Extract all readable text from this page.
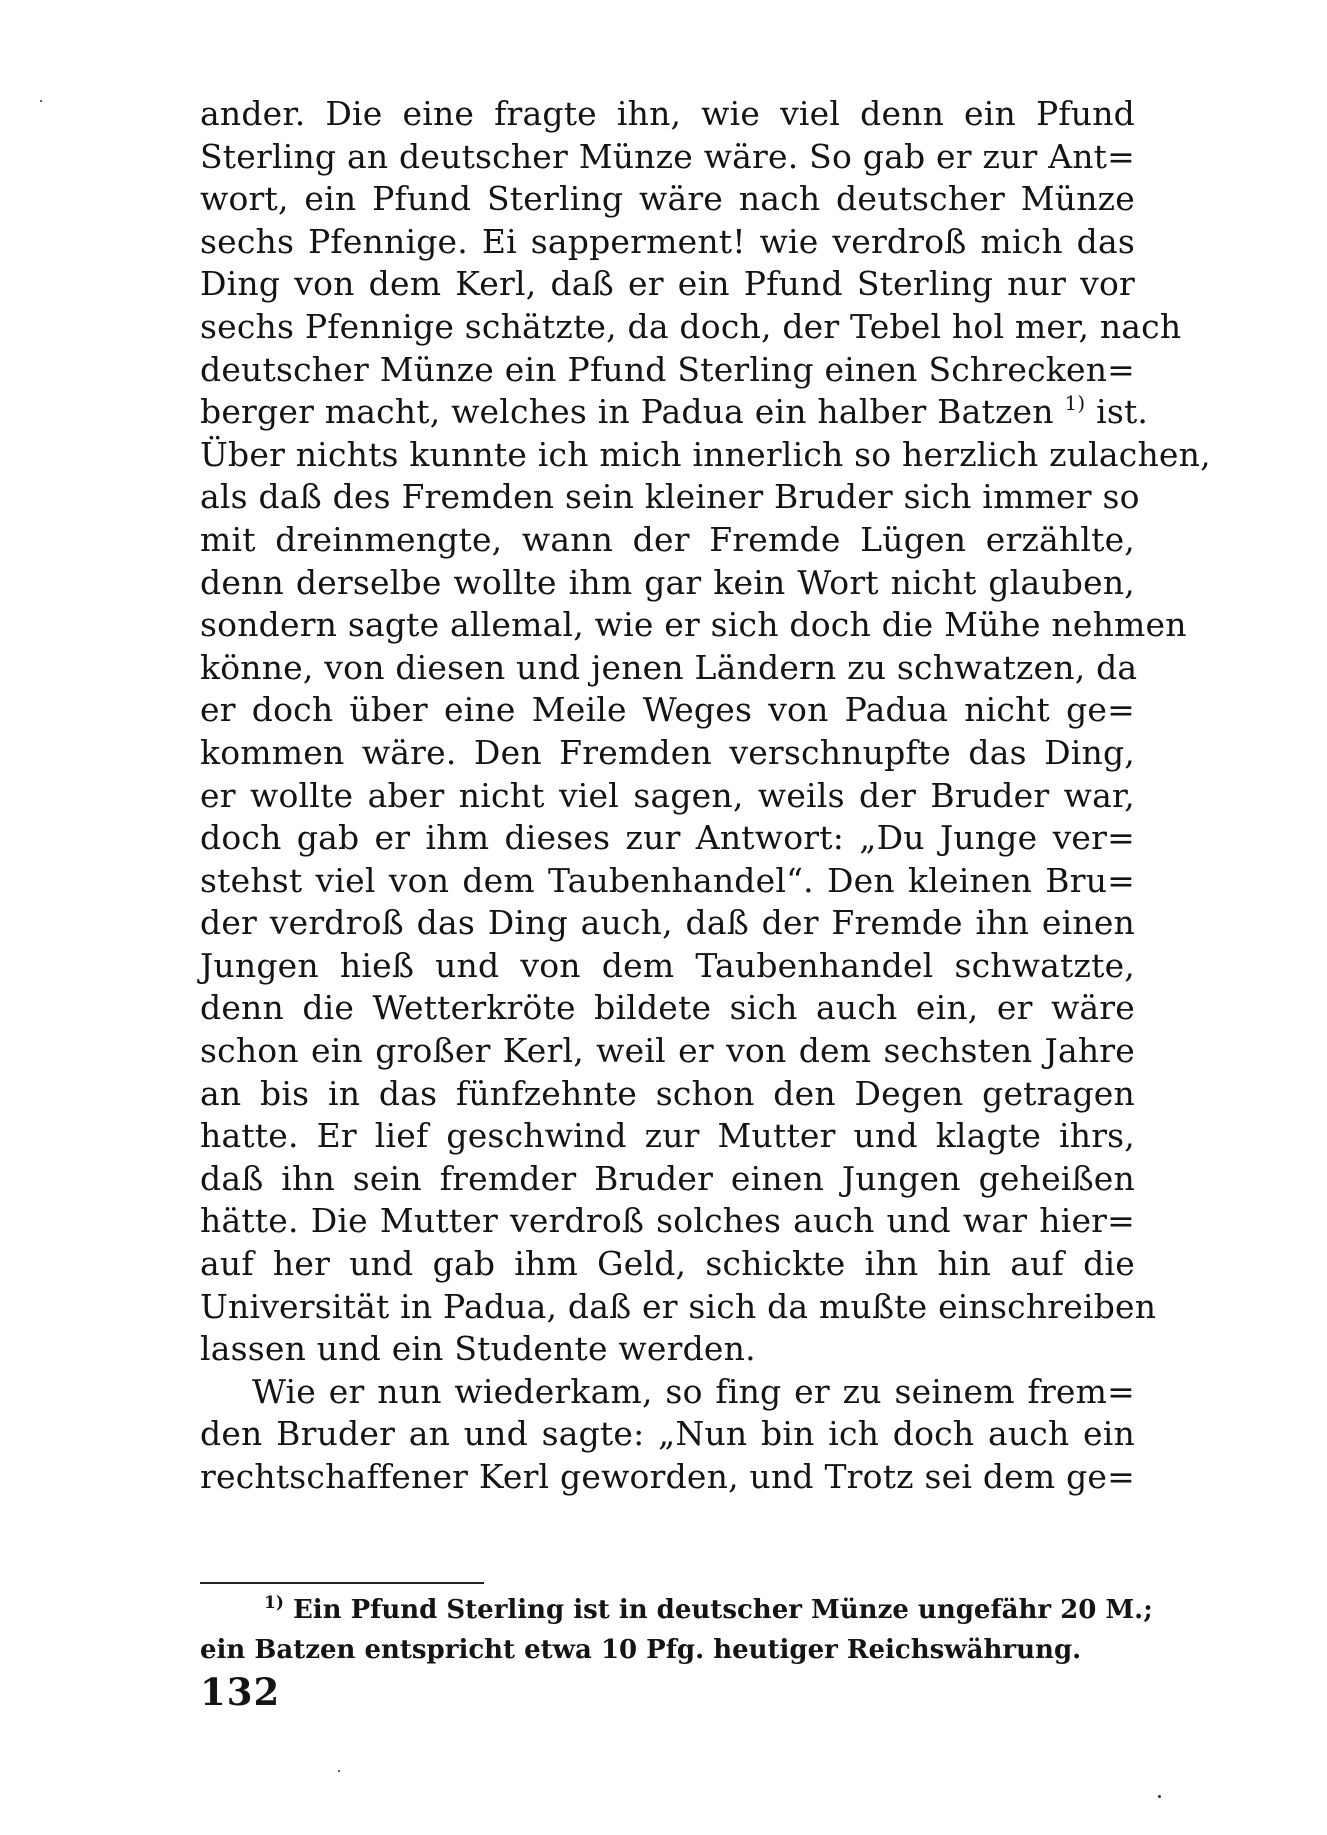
ander. Die eine fragte ihn, wie viel denn ein Pfund
Sterling an deutscher Münze wäre. So gab er zur Ant=
wort, ein Pfund Sterling wäre nach deutscher Münze
sechs Pfennige. Ei sapperment! wie verdroß mich das
Ding von dem Kerl, daß er ein Pfund Sterling nur vor
sechs Pfennige schätzte, da doch, der Tebel hol mer, nach
deutscher Münze ein Pfund Sterling einen Schrecken=
berger macht, welches in Padua ein halber Batzen $^{1)}$ ist.
Über nichts kunnte ich mich innerlich so herzlich zulachen,
als daß des Fremden sein kleiner Bruder sich immer so
mit dreinmengte, wann der Fremde Lügen erzählte,
denn derselbe wollte ihm gar kein Wort nicht glauben,
sondern sagte allemal, wie er sich doch die Mühe nehmen
könne, von diesen und jenen Ländern zu schwatzen, da
er doch über eine Meile Weges von Padua nicht ge=
kommen wäre. Den Fremden verschnupfte das Ding,
er wollte aber nicht viel sagen, weils der Bruder war,
doch gab er ihm dieses zur Antwort: „Du Junge ver=
stehst viel von dem Taubenhandel“. Den kleinen Bru=
der verdroß das Ding auch, daß der Fremde ihn einen
Jungen hieß und von dem Taubenhandel schwatzte,
denn die Wetterkröte bildete sich auch ein, er wäre
schon ein großer Kerl, weil er von dem sechsten Jahre
an bis in das fünfzehnte schon den Degen getragen
hatte. Er lief geschwind zur Mutter und klagte ihrs,
daß ihn sein fremder Bruder einen Jungen geheißen
hätte. Die Mutter verdroß solches auch und war hier=
auf her und gab ihm Geld, schickte ihn hin auf die
Universität in Padua, daß er sich da mußte einschreiben
lassen und ein Studente werden.
Wie er nun wiederkam, so fing er zu seinem frem=
den Bruder an und sagte: „Nun bin ich doch auch ein
rechtschaffener Kerl geworden, und Trotz sei dem ge=
$^{1)}$ Ein Pfund Sterling ist in deutscher Münze ungefähr 20 M.;
ein Batzen entspricht etwa 10 Pfg. heutiger Reichswährung.
132
